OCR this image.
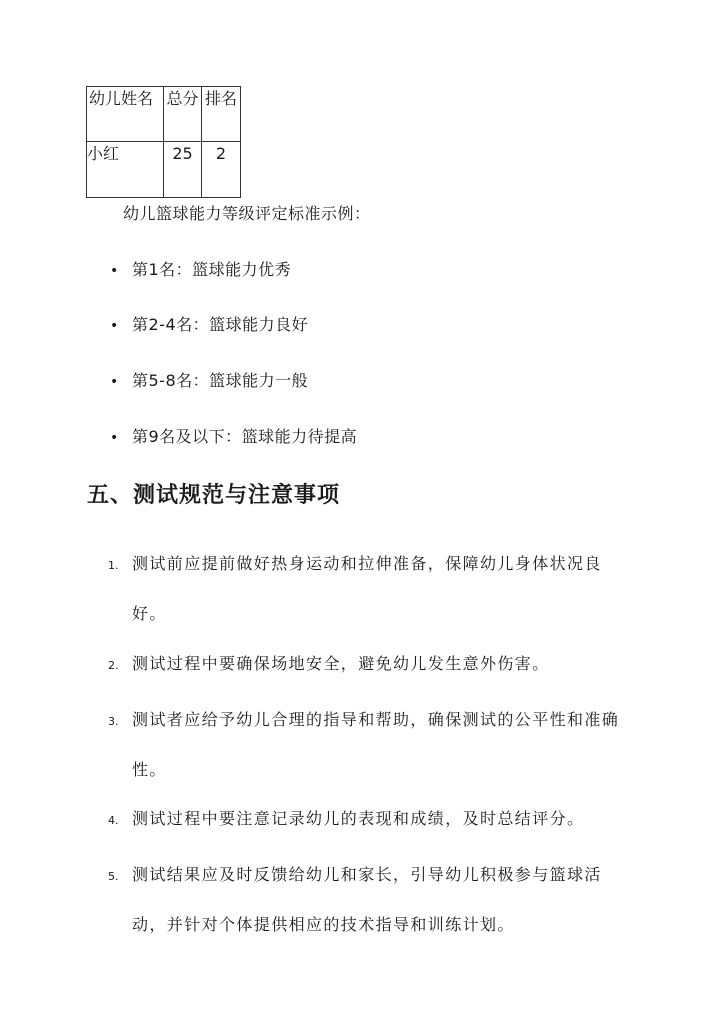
幼儿姓名	总分	排名
小红	25	2
幼儿篮球能力等级评定标准示例：
• 第1名：篮球能力优秀
• 第2-4名：篮球能力良好
• 第5-8名：篮球能力一般
• 第9名及以下：篮球能力待提高
五、测试规范与注意事项
1. 测试前应提前做好热身运动和拉伸准备，保障幼儿身体状况良好。
2. 测试过程中要确保场地安全，避免幼儿发生意外伤害。
3. 测试者应给予幼儿合理的指导和帮助，确保测试的公平性和准确性。
4. 测试过程中要注意记录幼儿的表现和成绩，及时总结评分。
5. 测试结果应及时反馈给幼儿和家长，引导幼儿积极参与篮球活动，并针对个体提供相应的技术指导和训练计划。
